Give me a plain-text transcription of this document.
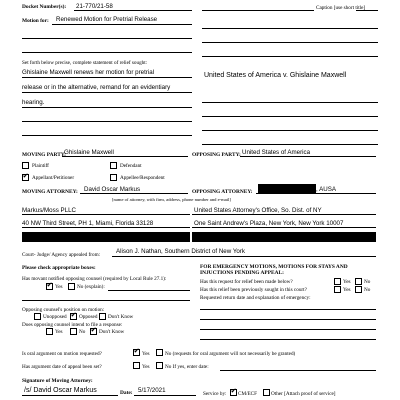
Docket Number(s): 21-770/21-58	Caption [use short title]
United States of America v. Ghislaine Maxwell
Motion for: Renewed Motion for Pretrial Release
Set forth below precise, complete statement of relief sought:
Ghislaine Maxwell renews her motion for pretrial
release or in the alternative, remand for an evidentiary
hearing.
MOVING PARTY:
Ghislaine Maxwell	OPPOSING PARTY: United States of America
Plaintiff	Defendant
✔ Appellant/Petitioner	Appellee/Respondent
MOVING ATTORNEY: David Oscar Markus	OPPOSING ATTORNEY:	, AUSA
[name of attorney, with firm, address, phone number and e-mail]
Markus/Moss PLLC	United States Attorney's Office, So. Dist. of NY
40 NW Third Street, PH 1, Miami, Florida 33128	One Saint Andrew's Plaza, New York, New York 10007
Court- Judge/ Agency appealed from:	Alison J. Nathan, Southern District of New York
Please check appropriate boxes:
Has movant notified opposing counsel (required by Local Rule 27.1):
✔ Yes	No (explain):
Opposing counsel's position on motion:
Unopposed ✔ Opposed Don't Know
Does opposing counsel intend to file a response:
Yes	No ✔ Don't Know
FOR EMERGENCY MOTIONS, MOTIONS FOR STAYS AND
INJUCTIONS PENDING APPEAL:
Has this request for relief been made below?	Yes	No
Has this relief been previously sought in this court?	Yes	No
Requested return date and explanation of emergency:
Is oral argument on motion requested?	✔ Yes	No (requests for oral argument will not necessarily be granted)
Has argument date of appeal been set?	Yes	No If yes, enter date:
Signature of Moving Attorney:
/s/ David Oscar Markus	Date: 5/17/2021	Service by: ✔ CM/ECF	Other [Attach proof of service]
